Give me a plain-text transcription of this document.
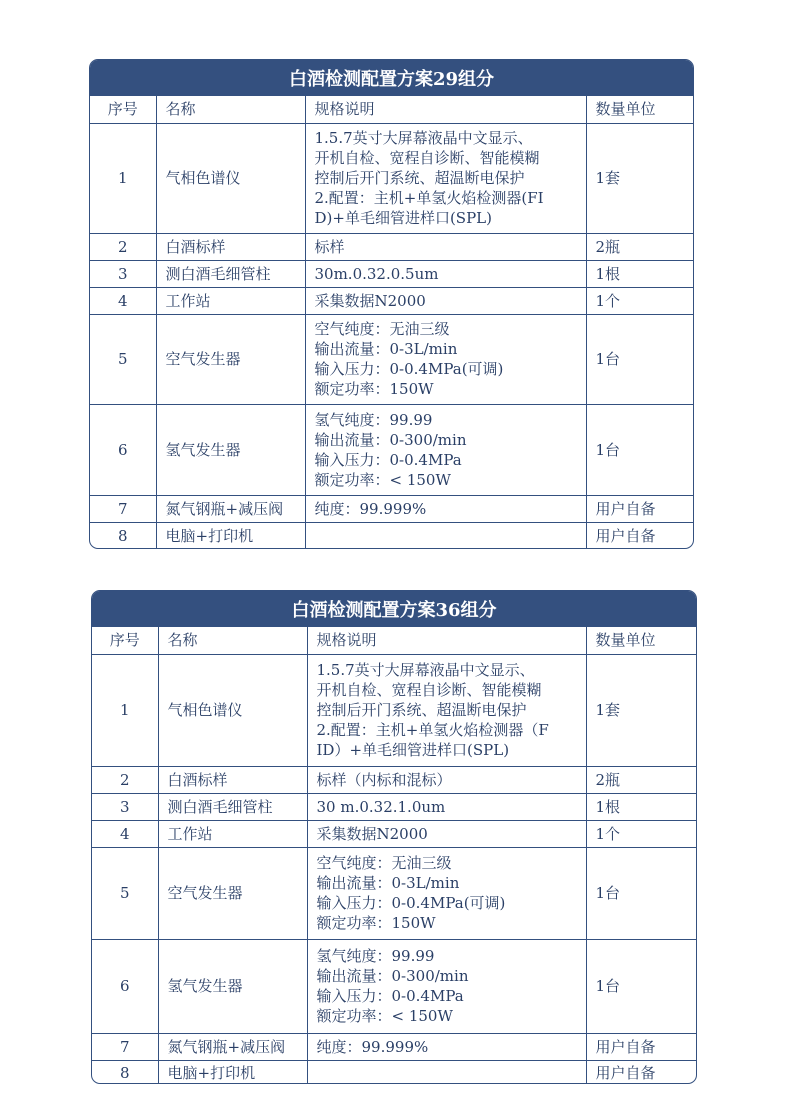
白酒检测配置方案29组分
序号	名称	规格说明	数量单位
1	气相色谱仪	1.5.7英寸大屏幕液晶中文显示、
开机自检、宽程自诊断、智能模糊
控制后开门系统、超温断电保护
2.配置：主机+单氢火焰检测器(FI
D)+单毛细管进样口(SPL)	1套
2	白酒标样	标样	2瓶
3	测白酒毛细管柱	30m.0.32.0.5um	1根
4	工作站	采集数据N2000	1个
5	空气发生器	空气纯度：无油三级
输出流量：0-3L/min
输入压力：0-0.4MPa(可调)
额定功率：150W	1台
6	氢气发生器	氢气纯度：99.99
输出流量：0-300/min
输入压力：0-0.4MPa
额定功率：< 150W	1台
7	氮气钢瓶+减压阀	纯度：99.999%	用户自备
8	电脑+打印机		用户自备
白酒检测配置方案36组分
序号	名称	规格说明	数量单位
1	气相色谱仪	1.5.7英寸大屏幕液晶中文显示、
开机自检、宽程自诊断、智能模糊
控制后开门系统、超温断电保护
2.配置：主机+单氢火焰检测器（F
ID）+单毛细管进样口(SPL)	1套
2	白酒标样	标样（内标和混标）	2瓶
3	测白酒毛细管柱	30 m.0.32.1.0um	1根
4	工作站	采集数据N2000	1个
5	空气发生器	空气纯度：无油三级
输出流量：0-3L/min
输入压力：0-0.4MPa(可调)
额定功率：150W	1台
6	氢气发生器	氢气纯度：99.99
输出流量：0-300/min
输入压力：0-0.4MPa
额定功率：< 150W	1台
7	氮气钢瓶+减压阀	纯度：99.999%	用户自备
8	电脑+打印机		用户自备
